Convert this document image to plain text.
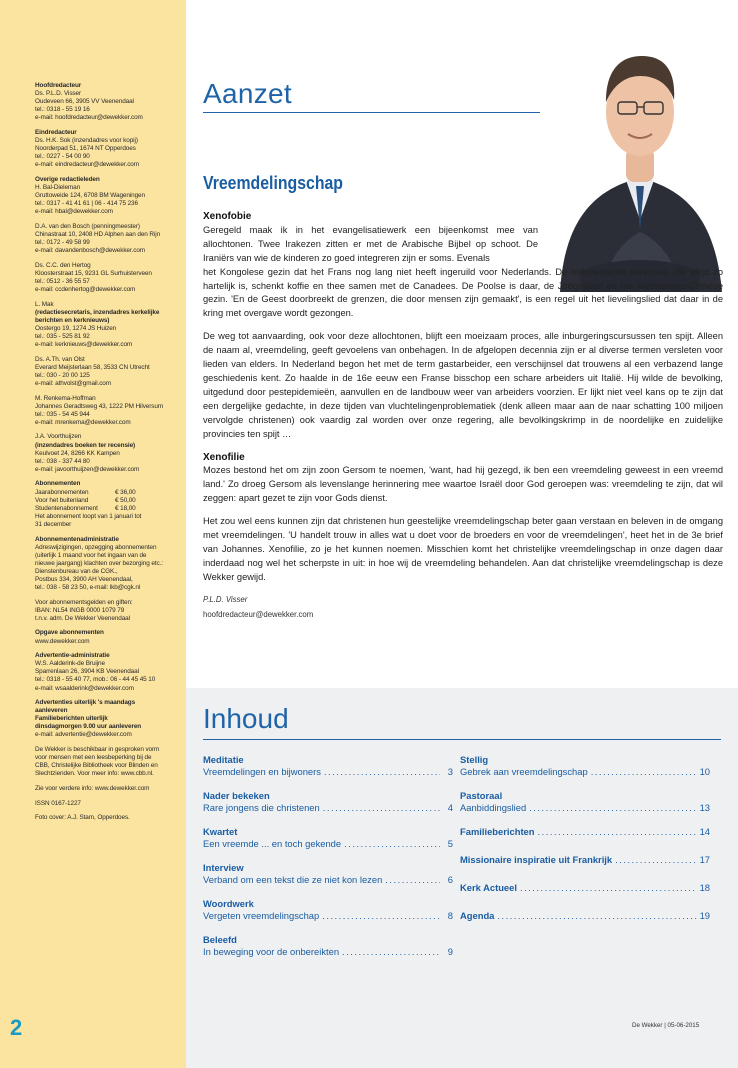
Hoofdredacteur
Ds. P.L.D. Visser
Oudeveen 66, 3905 VV Veenendaal
tel.: 0318 - 55 19 16
e-mail: hoofdredacteur@dewekker.com
Eindredacteur
Ds. H.K. Sok (inzendadres voor kopij)
Noorderpad 51, 1674 NT Opperdoes
tel.: 0227 - 54 00 90
e-mail: eindredacteur@dewekker.com
Overige redactieleden
H. Bal-Dieleman
Gruttoweide 124, 6708 BM Wageningen
tel.: 0317 - 41 41 61 | 06 - 414 75 236
e-mail: hbal@dewekker.com
D.A. van den Bosch (penningmeester)
Chinastraat 10, 2408 HD Alphen aan den Rijn
tel.: 0172 - 49 58 99
e-mail: davandenbosch@dewekker.com
Ds. C.C. den Hertog
Kloosterstraat 15, 9231 GL Surhuisterveen
tel.: 0512 - 36 55 57
e-mail: ccdenhertog@dewekker.com
L. Mak
(redactiesecretaris, inzendadres kerkelijke
berichten en kerknieuws)
Oostergo 19, 1274 JS Huizen
tel.: 035 - 525 81 92
e-mail: kerknieuws@dewekker.com
Ds. A.Th. van Olst
Everard Meijsterlaan 58, 3533 CN Utrecht
tel.: 030 - 20 00 125
e-mail: athvolst@gmail.com
M. Renkema-Hoffman
Johannes Geradtsweg 43, 1222 PM Hilversum
tel.: 035 - 54 45 944
e-mail: mrenkema@dewekker.com
J.A. Voorthuijzen
(inzendadres boeken ter recensie)
Keulvoet 24, 8266 KK Kampen
tel.: 038 - 337 44 80
e-mail: javoorthuijzen@dewekker.com
Abonnementen
Jaarabonnementen	€ 36,00
Voor het buitenland	€ 50,00
Studentenabonnement	€ 18,00
Het abonnement loopt van 1 januari tot
31 december
Abonnementenadministratie
Adreswijzigingen, opzegging abonnementen
(uiterlijk 1 maand voor het ingaan van de
nieuwe jaargang) klachten over bezorging etc.:
Dienstenbureau van de CGK.,
Postbus 334, 3900 AH Veenendaal,
tel.: 038 - 58 23 50, e-mail: lkb@cgk.nl
Voor abonnementsgelden en giften:
IBAN: NL54 INGB 0000 1079 79
t.n.v. adm. De Wekker Veenendaal
Opgave abonnementen
www.dewekker.com
Advertentie-administratie
W.S. Aalderink-de Bruijne
Sparrenlaan 26, 3904 KB Veenendaal
tel.: 0318 - 55 40 77, mob.: 06 - 44 45 45 10
e-mail: wsaalderink@dewekker.com
Advertenties uiterlijk 's maandags
aanleveren
Familieberichten uiterlijk
dinsdagmorgen 9.00 uur aanleveren
e-mail: advertentie@dewekker.com
De Wekker is beschikbaar in gesproken vorm
voor mensen met een leesbeperking bij de
CBB, Christelijke Bibliotheek voor Blinden en
Slechtzienden. Voor meer info: www.cbb.nl.
Zie voor verdere info: www.dewekker.com
ISSN 0167-1227
Foto cover: A.J. Stam, Opperdoes.
2
Aanzet
Vreemdelingschap

Xenofobie

Geregeld maak ik in het evangelisatiewerk een bijeenkomst mee van allochtonen. Twee Irakezen zitten er met de Arabische Bijbel op schoot. De Iraniërs van wie de kinderen zo goed integreren zijn er soms. Evenals

het Kongolese gezin dat het Frans nog lang niet heeft ingeruild voor Nederlands. De Indonesische mevrouw, die altijd zo hartelijk is, schenkt koffie en thee samen met de Canadees. De Poolse is daar, de Joegoslaaf en het Vietnamees-Chinese gezin. 'En de Geest doorbreekt de grenzen, die door mensen zijn gemaakt', is een regel uit het lievelingslied dat daar in de kring met overgave wordt gezongen.

De weg tot aanvaarding, ook voor deze allochtonen, blijft een moeizaam proces, alle inburgeringscursussen ten spijt. Alleen de naam al, vreemdeling, geeft gevoelens van onbehagen. In de afgelopen decennia zijn er al diverse termen versleten voor lieden van elders. In Nederland begon het met de term gastarbeider, een verschijnsel dat trouwens al een verbazend lange geschiedenis kent. Zo haalde in de 16e eeuw een Franse bisschop een schare arbeiders uit Italië. Hij wilde de bevolking, uitgedund door pestepidemieën, aanvullen en de landbouw weer van arbeiders voorzien. Er lijkt niet veel kans op te zijn dat een dergelijke gedachte, in deze tijden van vluchtelingenproblematiek (denk alleen maar aan de naar schatting 100 miljoen vervolgde christenen) ook vaardig zal worden over onze regering, alle bevolkingskrimp in de noordelijke en zuidelijke provincies ten spijt …

Xenofilie

Mozes bestond het om zijn zoon Gersom te noemen, 'want, had hij gezegd, ik ben een vreemdeling geweest in een vreemd land.' Zo droeg Gersom als levenslange herinnering mee waartoe Israël door God geroepen was: vreemdeling te zijn, dat wil zeggen: apart gezet te zijn voor Gods dienst.

Het zou wel eens kunnen zijn dat christenen hun geestelijke vreemdelingschap beter gaan verstaan en beleven in de omgang met vreemdelingen. 'U handelt trouw in alles wat u doet voor de broeders en voor de vreemdelingen', heet het in de 3e brief van Johannes. Xenofilie, zo je het kunnen noemen. Misschien komt het christelijke vreemdelingschap in onze dagen daar inderdaad nog wel het scherpste in uit: in hoe wij de vreemdeling behandelen. Aan dat christelijke vreemdelingschap is deze Wekker gewijd.

P.L.D. Visser

hoofdredacteur@dewekker.com

Inhoud
Meditatie
Vreemdelingen en bijwoners .....	3
Nader bekeken
Rare jongens die christenen .....	4
Kwartet
Een vreemde ... en toch gekende .....	5
Interview
Verband om een tekst die ze niet kon lezen .....	6
Woordwerk
Vergeten vreemdelingschap .....	8
Beleefd
In beweging voor de onbereikten .....	9
Stellig
Gebrek aan vreemdelingschap .....	10
Pastoraal
Aanbiddingslied .....	13
Familieberichten .....	14
Missionaire inspiratie uit Frankrijk .....	17
Kerk Actueel .....	18
Agenda .....	19
De Wekker | 05-06-2015
